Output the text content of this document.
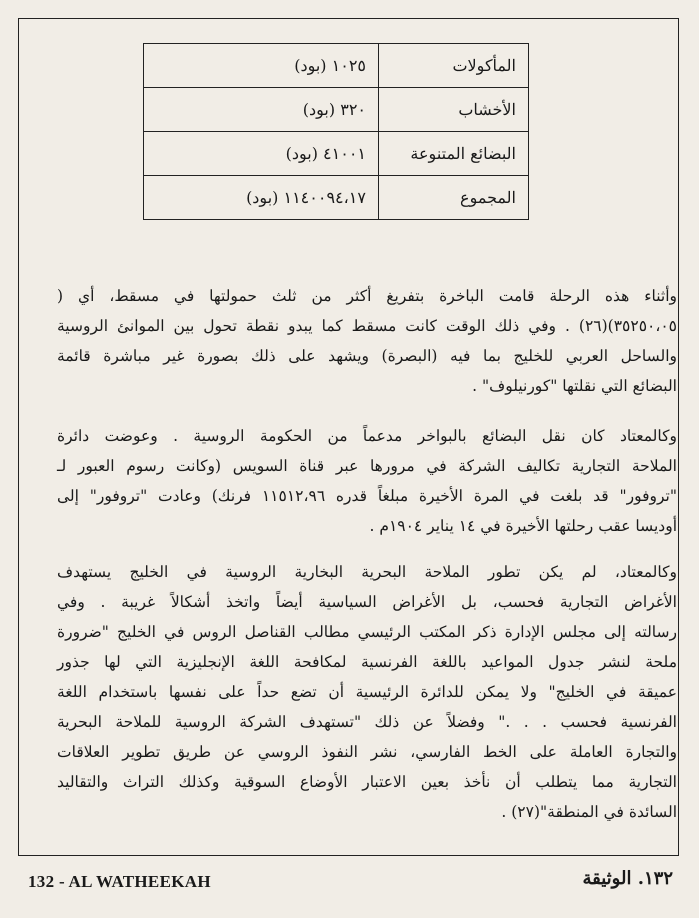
المأكولات	١٠٢٥ (بود)
الأخشاب	٣٢٠ (بود)
البضائع المتنوعة	٤١٠٠١ (بود)
المجموع	١١٤٠٠٩٤،١٧ (بود)

وأثناء هذه الرحلة قامت الباخرة بتفريغ أكثر من ثلث حمولتها في مسقط، أي (
٣٥٢٥٠،٠٥)(٢٦) . وفي ذلك الوقت كانت مسقط كما يبدو نقطة تحول بين الموانئ الروسية
والساحل العربي للخليج بما فيه (البصرة) ويشهد على ذلك بصورة غير مباشرة قائمة
البضائع التي نقلتها "كورنيلوف" .

وكالمعتاد كان نقل البضائع بالبواخر مدعماً من الحكومة الروسية . وعوضت دائرة
الملاحة التجارية تكاليف الشركة في مرورها عبر قناة السويس (وكانت رسوم العبور لـ
"تروفور" قد بلغت في المرة الأخيرة مبلغاً قدره ١١٥١٢،٩٦ فرنك) وعادت "تروفور" إلى
أوديسا عقب رحلتها الأخيرة في ١٤ يناير ١٩٠٤م .

وكالمعتاد، لم يكن تطور الملاحة البحرية البخارية الروسية في الخليج يستهدف
الأغراض التجارية فحسب، بل الأغراض السياسية أيضاً واتخذ أشكالاً غريبة . وفي
رسالته إلى مجلس الإدارة ذكر المكتب الرئيسي مطالب القناصل الروس في الخليج "ضرورة
ملحة لنشر جدول المواعيد باللغة الفرنسية لمكافحة اللغة الإنجليزية التي لها جذور
عميقة في الخليج" ولا يمكن للدائرة الرئيسية أن تضع حداً على نفسها باستخدام اللغة
الفرنسية فحسب . . ." وفضلاً عن ذلك "تستهدف الشركة الروسية للملاحة البحرية
والتجارة العاملة على الخط الفارسي، نشر النفوذ الروسي عن طريق تطوير العلاقات
التجارية مما يتطلب أن نأخذ بعين الاعتبار الأوضاع السوقية وكذلك التراث والتقاليد
السائدة في المنطقة"(٢٧) .

132 - AL WATHEEKAH	١٣٢. الوثيقة
